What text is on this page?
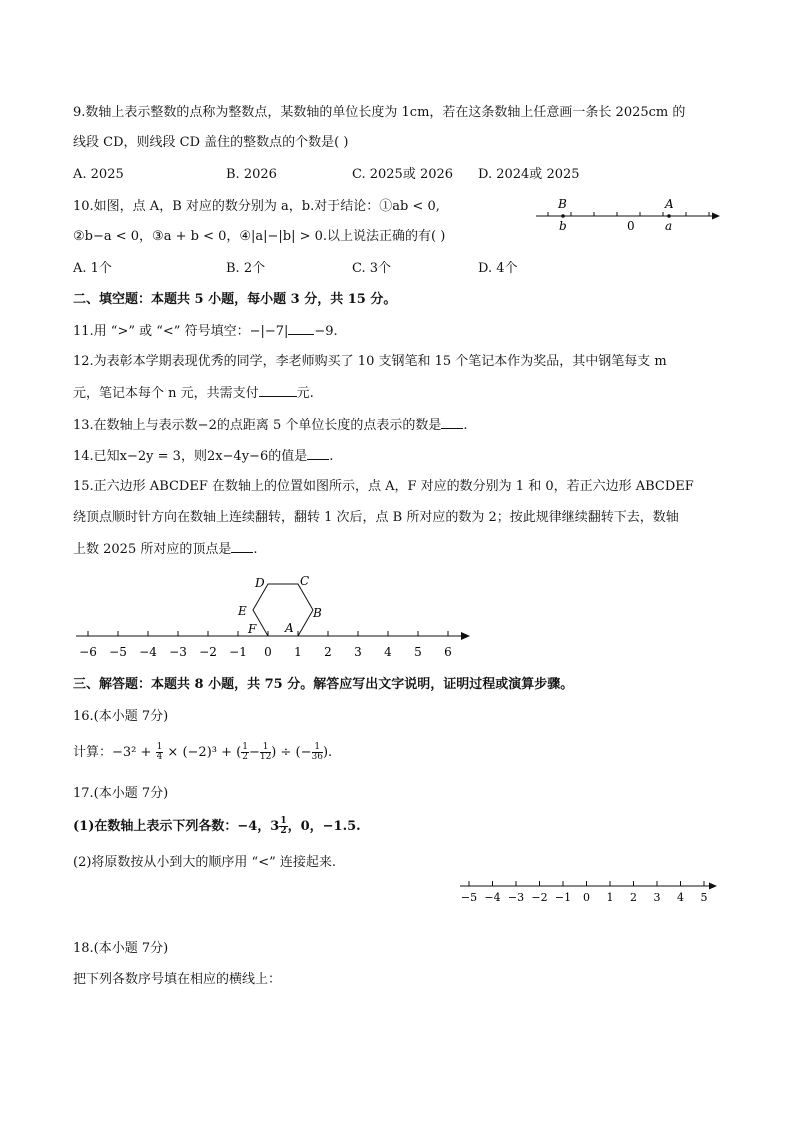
9.数轴上表示整数的点称为整数点，某数轴的单位长度为 1cm，若在这条数轴上任意画一条长 2025cm 的
线段 CD，则线段 CD 盖住的整数点的个数是( )
A. 2025	B. 2026	C. 2025或 2026 D. 2024或 2025
10.如图，点 A，B 对应的数分别为 a，b.对于结论：①ab < 0,
②b−a < 0，③a + b < 0，④|a|−|b| > 0.以上说法正确的有( )
B	A
b	0	a
A. 1个	B. 2个	C. 3个	D. 4个
二、填空题：本题共 5 小题，每小题 3 分，共 15 分。
11.用 “>” 或 “<” 符号填空：−|−7| −9.
12.为表彰本学期表现优秀的同学，李老师购买了 10 支钢笔和 15 个笔记本作为奖品，其中钢笔每支 m
元，笔记本每个 n 元，共需支付	元.
13.在数轴上与表示数−2的点距离 5 个单位长度的点表示的数是 .
14.已知x−2y = 3，则2x−4y−6的值是 .
15.正六边形 ABCDEF 在数轴上的位置如图所示，点 A，F 对应的数分别为 1 和 0，若正六边形 ABCDEF
绕顶点顺时针方向在数轴上连续翻转，翻转 1 次后，点 B 所对应的数为 2；按此规律继续翻转下去，数轴
上数 2025 所对应的顶点是 .
−6 −5 −4 −3 −2 −1 0 1 2 3 4 5 6
D	C
E	B
F A
三、解答题：本题共 8 小题，共 75 分。解答应写出文字说明，证明过程或演算步骤。
16.(本小题 7分)
计算：$-3^2 + \frac{1}{4} \times (-2)^3$ + ( $\frac{1}{2} - \frac{1}{12}$ ) ÷ (− $\frac{1}{36}$ ).
17.(本小题 7分)
(1)在数轴上表示下列各数：−4，$3 \frac{1}{2}$ ，0，−1.5.
(2)将原数按从小到大的顺序用 “<” 连接起来.
−5 −4 −3 −2 −1 0 1 2 3 4 5
18.(本小题 7分)
把下列各数序号填在相应的横线上：
